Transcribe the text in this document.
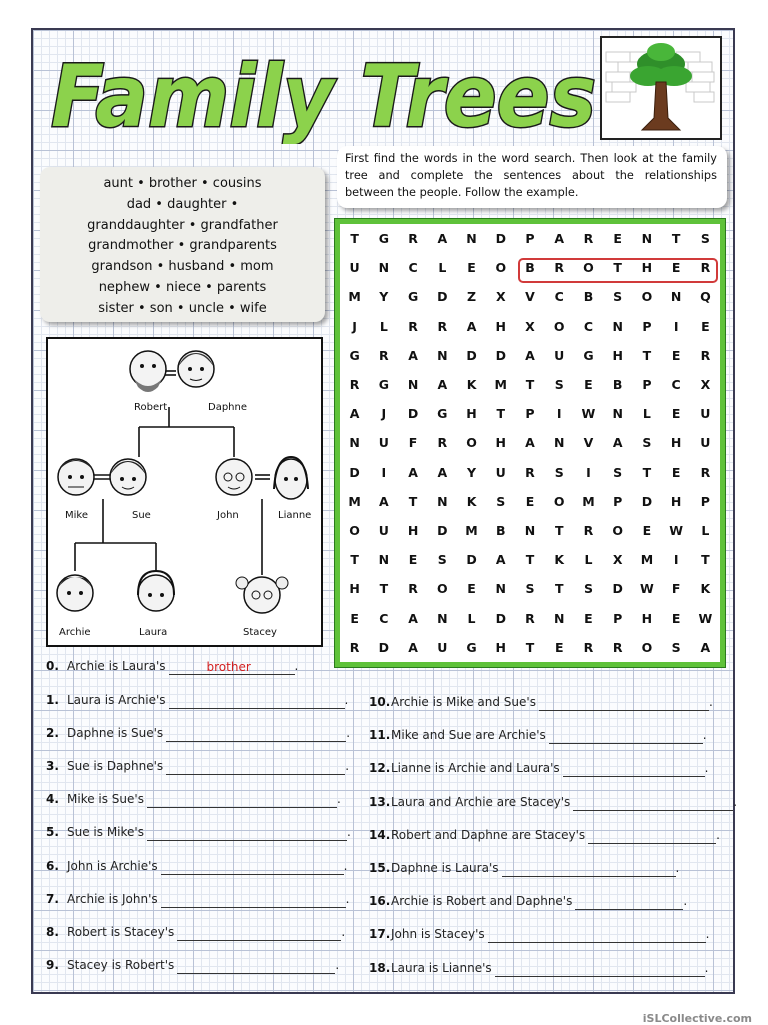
Family Trees
aunt • brother • cousins
dad • daughter •
granddaughter • grandfather
grandmother • grandparents
grandson • husband • mom
nephew • niece • parents
sister • son • uncle • wife
First find the words in the word search. Then look at the family tree and complete the sentences about the relationships between the people. Follow the example.
Robert	Daphne
Mike	Sue	John	Lianne
Archie	Laura	Stacey
T	G	R	A	N	D	P	A	R	E	N	T	S
U	N	C	L	E	O	B	R	O	T	H	E	R
M	Y	G	D	Z	X	V	C	B	S	O	N	Q
J	L	R	R	A	H	X	O	C	N	P	I	E
G	R	A	N	D	D	A	U	G	H	T	E	R
R	G	N	A	K	M	T	S	E	B	P	C	X
A	J	D	G	H	T	P	I	W	N	L	E	U
N	U	F	R	O	H	A	N	V	A	S	H	U
D	I	A	A	Y	U	R	S	I	S	T	E	R
M	A	T	N	K	S	E	O	M	P	D	H	P
O	U	H	D	M	B	N	T	R	O	E	W	L
T	N	E	S	D	A	T	K	L	X	M	I	T
H	T	R	O	E	N	S	T	S	D	W	F	K
E	C	A	N	L	D	R	N	E	P	H	E	W
R	D	A	U	G	H	T	E	R	R	O	S	A
0. Archie is Laura's	brother	.
1. Laura is Archie's	.
2. Daphne is Sue's	.
3. Sue is Daphne's	.
4. Mike is Sue's	.
5. Sue is Mike's	.
6. John is Archie's	.
7. Archie is John's	.
8. Robert is Stacey's	.
9. Stacey is Robert's	.
10.Archie is Mike and Sue's	.
11.Mike and Sue are Archie's	.
12.Lianne is Archie and Laura's	.
13.Laura and Archie are Stacey's	.
14.Robert and Daphne are Stacey's	.
15.Daphne is Laura's	.
16.Archie is Robert and Daphne's	.
17.John is Stacey's	.
18.Laura is Lianne's	.
iSLCollective.com
